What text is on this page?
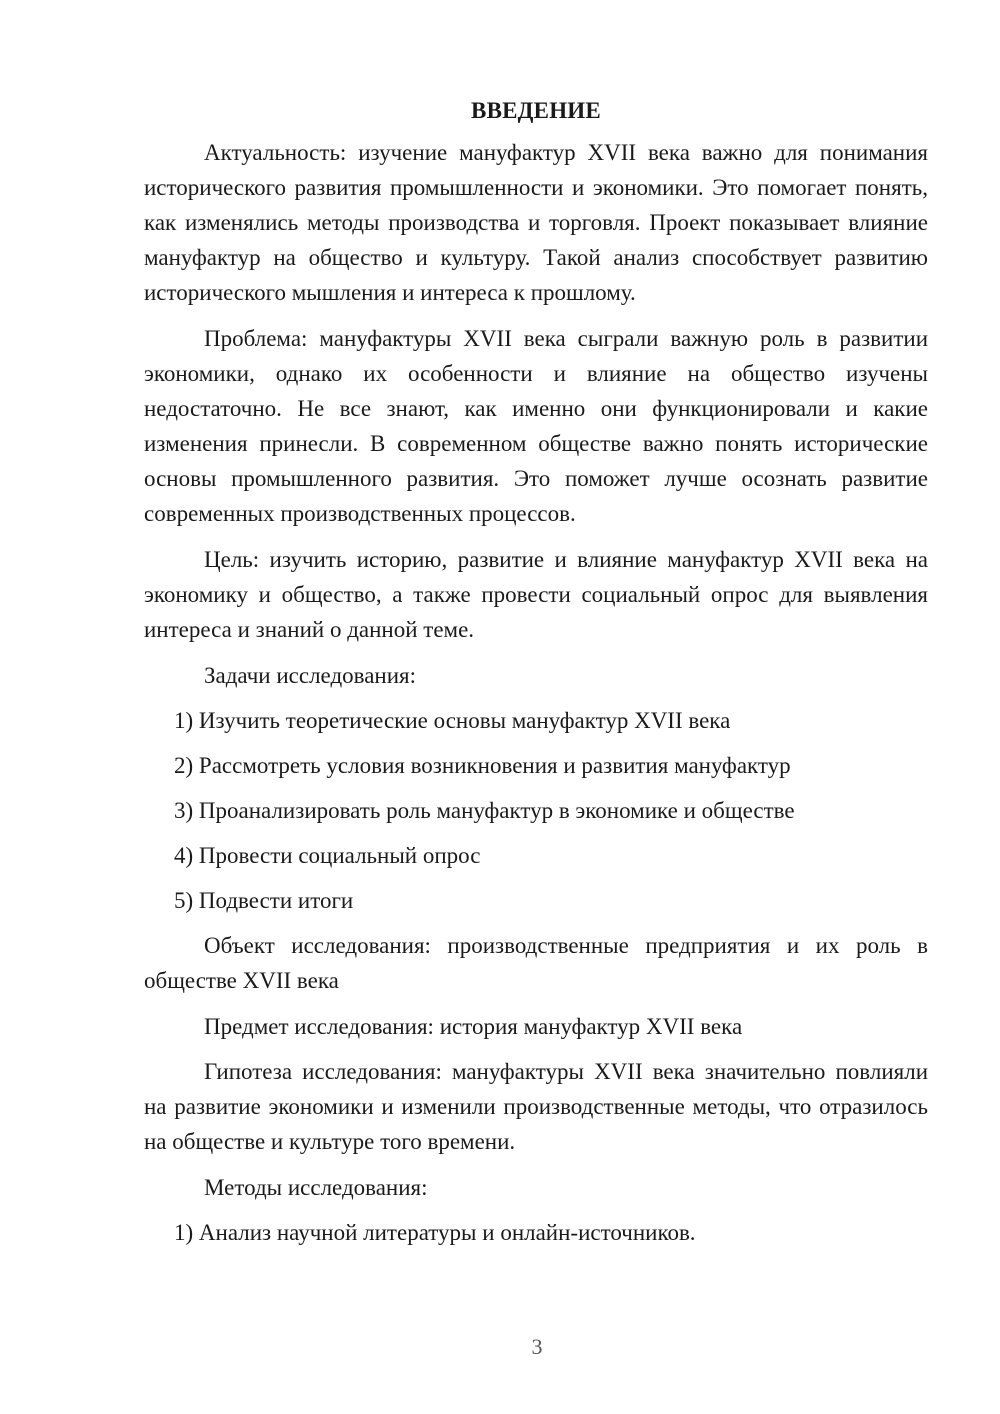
ВВЕДЕНИЕ

Актуальность: изучение мануфактур XVII века важно для понимания исторического развития промышленности и экономики. Это помогает понять, как изменялись методы производства и торговля. Проект показывает влияние мануфактур на общество и культуру. Такой анализ способствует развитию исторического мышления и интереса к прошлому.

Проблема: мануфактуры XVII века сыграли важную роль в развитии экономики, однако их особенности и влияние на общество изучены недостаточно. Не все знают, как именно они функционировали и какие изменения принесли. В современном обществе важно понять исторические основы промышленного развития. Это поможет лучше осознать развитие современных производственных процессов.

Цель: изучить историю, развитие и влияние мануфактур XVII века на экономику и общество, а также провести социальный опрос для выявления интереса и знаний о данной теме.

Задачи исследования:

1) Изучить теоретические основы мануфактур XVII века

2) Рассмотреть условия возникновения и развития мануфактур

3) Проанализировать роль мануфактур в экономике и обществе

4) Провести социальный опрос

5) Подвести итоги

Объект исследования: производственные предприятия и их роль в обществе XVII века

Предмет исследования: история мануфактур XVII века

Гипотеза исследования: мануфактуры XVII века значительно повлияли на развитие экономики и изменили производственные методы, что отразилось на обществе и культуре того времени.

Методы исследования:

1) Анализ научной литературы и онлайн-источников.

3
